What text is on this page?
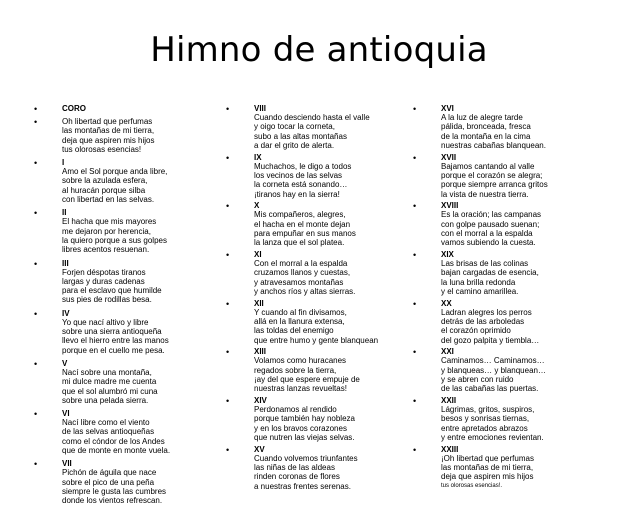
Himno de antioquia
•	CORO
•	Oh libertad que perfumas
las montañas de mi tierra,
deja que aspiren mis hijos
tus olorosas esencias!
•	I
Amo el Sol porque anda libre,
sobre la azulada esfera,
al huracán porque silba
con libertad en las selvas.
•	II
El hacha que mis mayores
me dejaron por herencia,
la quiero porque a sus golpes
libres acentos resuenan.
•	III
Forjen déspotas tiranos
largas y duras cadenas
para el esclavo que humilde
sus pies de rodillas besa.
•	IV
Yo que nací altivo y libre
sobre una sierra antioqueña
llevo el hierro entre las manos
porque en el cuello me pesa.
•	V
Nací sobre una montaña,
mi dulce madre me cuenta
que el sol alumbró mi cuna
sobre una pelada sierra.
•	VI
Nací libre como el viento
de las selvas antioqueñas
como el cóndor de los Andes
que de monte en monte vuela.
•	VII
Pichón de águila que nace
sobre el pico de una peña
siempre le gusta las cumbres
donde los vientos refrescan.
•	VIII
Cuando desciendo hasta el valle
y oigo tocar la corneta,
subo a las altas montañas
a dar el grito de alerta.
•	IX
Muchachos, le digo a todos
los vecinos de las selvas
la corneta está sonando…
¡tiranos hay en la sierra!
•	X
Mis compañeros, alegres,
el hacha en el monte dejan
para empuñar en sus manos
la lanza que el sol platea.
•	XI
Con el morral a la espalda
cruzamos llanos y cuestas,
y atravesamos montañas
y anchos ríos y altas sierras.
•	XII
Y cuando al fin divisamos,
allá en la llanura extensa,
las toldas del enemigo
que entre humo y gente blanquean
•	XIII
Volamos como huracanes
regados sobre la tierra,
¡ay del que espere empuje de
nuestras lanzas revueltas!
•	XIV
Perdonamos al rendido
porque también hay nobleza
y en los bravos corazones
que nutren las viejas selvas.
•	XV
Cuando volvemos triunfantes
las niñas de las aldeas
rinden coronas de flores
a nuestras frentes serenas.
•	XVI
A la luz de alegre tarde
pálida, bronceada, fresca
de la montaña en la cima
nuestras cabañas blanquean.
•	XVII
Bajamos cantando al valle
porque el corazón se alegra;
porque siempre arranca gritos
la vista de nuestra tierra.
•	XVIII
Es la oración; las campanas
con golpe pausado suenan;
con el morral a la espalda
vamos subiendo la cuesta.
•	XIX
Las brisas de las colinas
bajan cargadas de esencia,
la luna brilla redonda
y el camino amarillea.
•	XX
Ladran alegres los perros
detrás de las arboledas
el corazón oprimido
del gozo palpita y tiembla…
•	XXI
Caminamos… Caminamos…
y blanqueas… y blanquean…
y se abren con ruido
de las cabañas las puertas.
•	XXII
Lágrimas, gritos, suspiros,
besos y sonrisas tiernas,
entre apretados abrazos
y entre emociones revientan.
•	XXIII
¡Oh libertad que perfumas
las montañas de mi tierra,
deja que aspiren mis hijos
tus olorosas esencias!.
